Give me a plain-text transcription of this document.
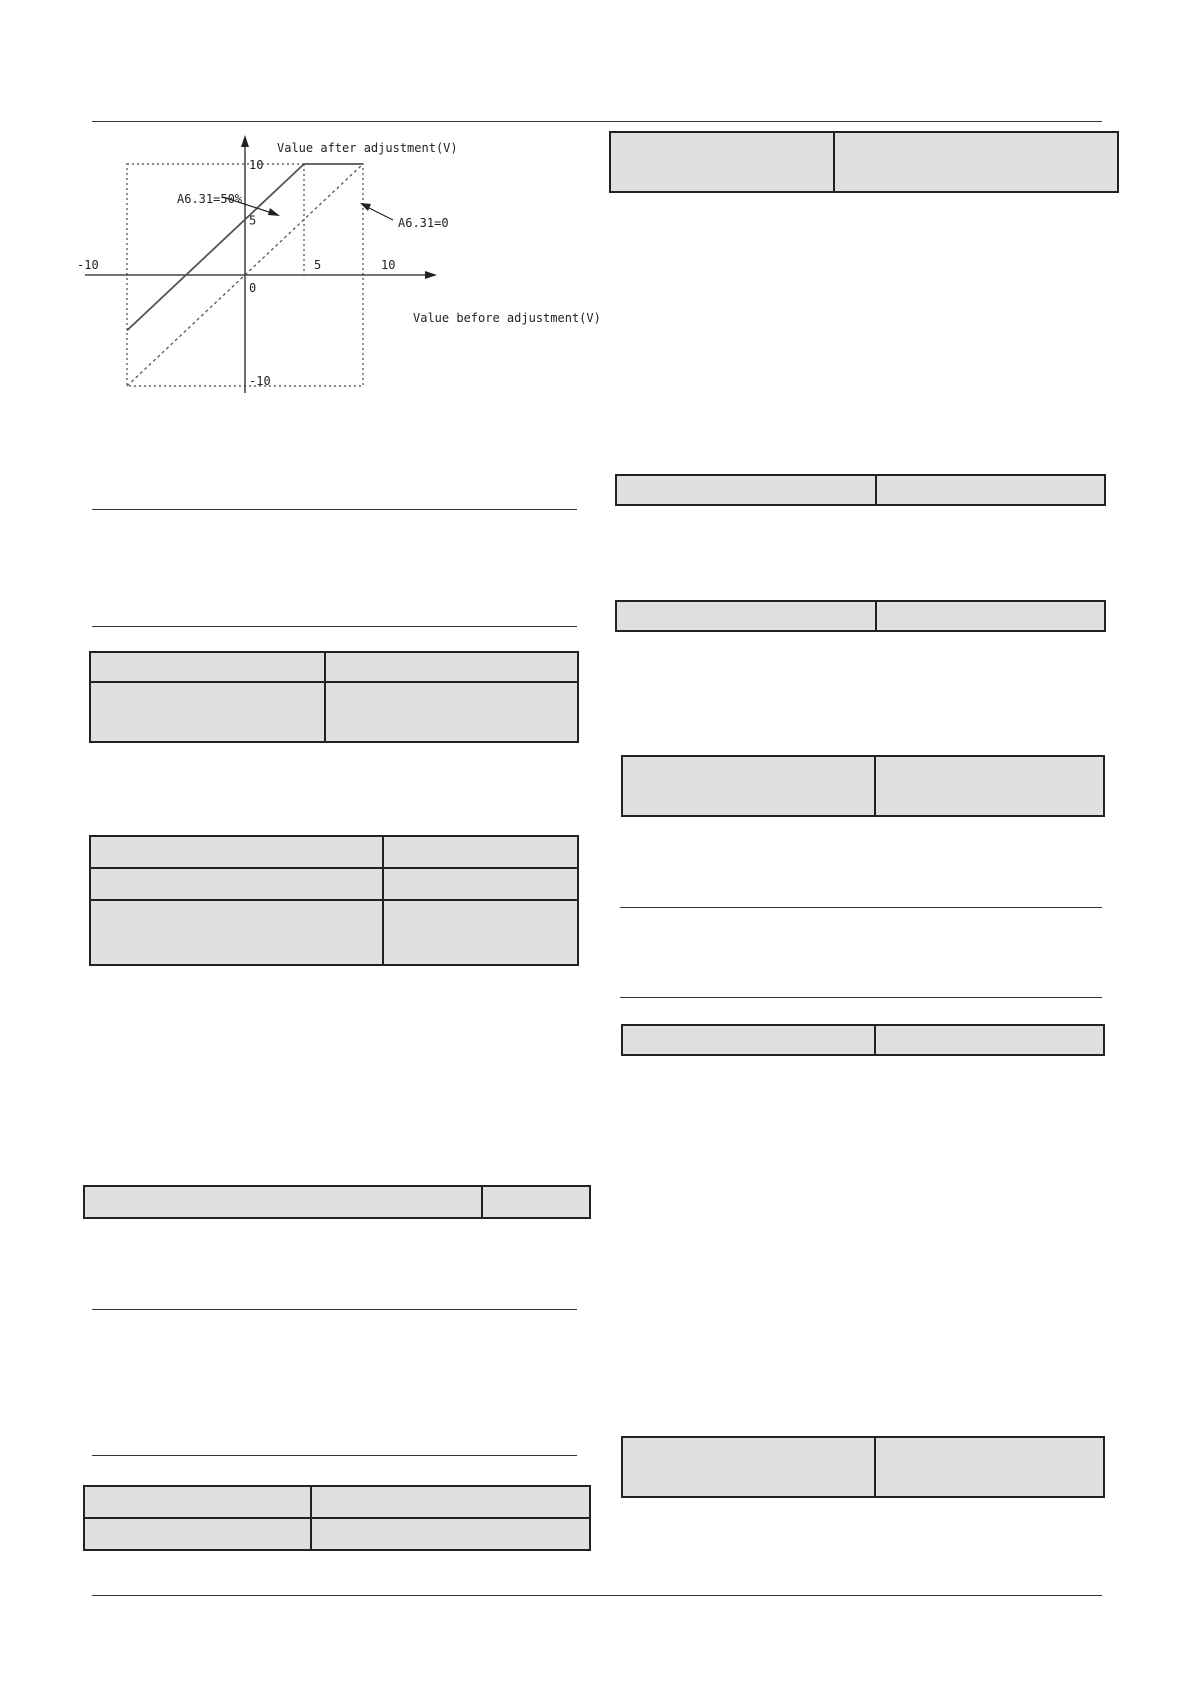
-10	5	10
10
5
0
-10
Value after adjustment(V)
Value before adjustment(V)
A6.31=50%
A6.31=0
